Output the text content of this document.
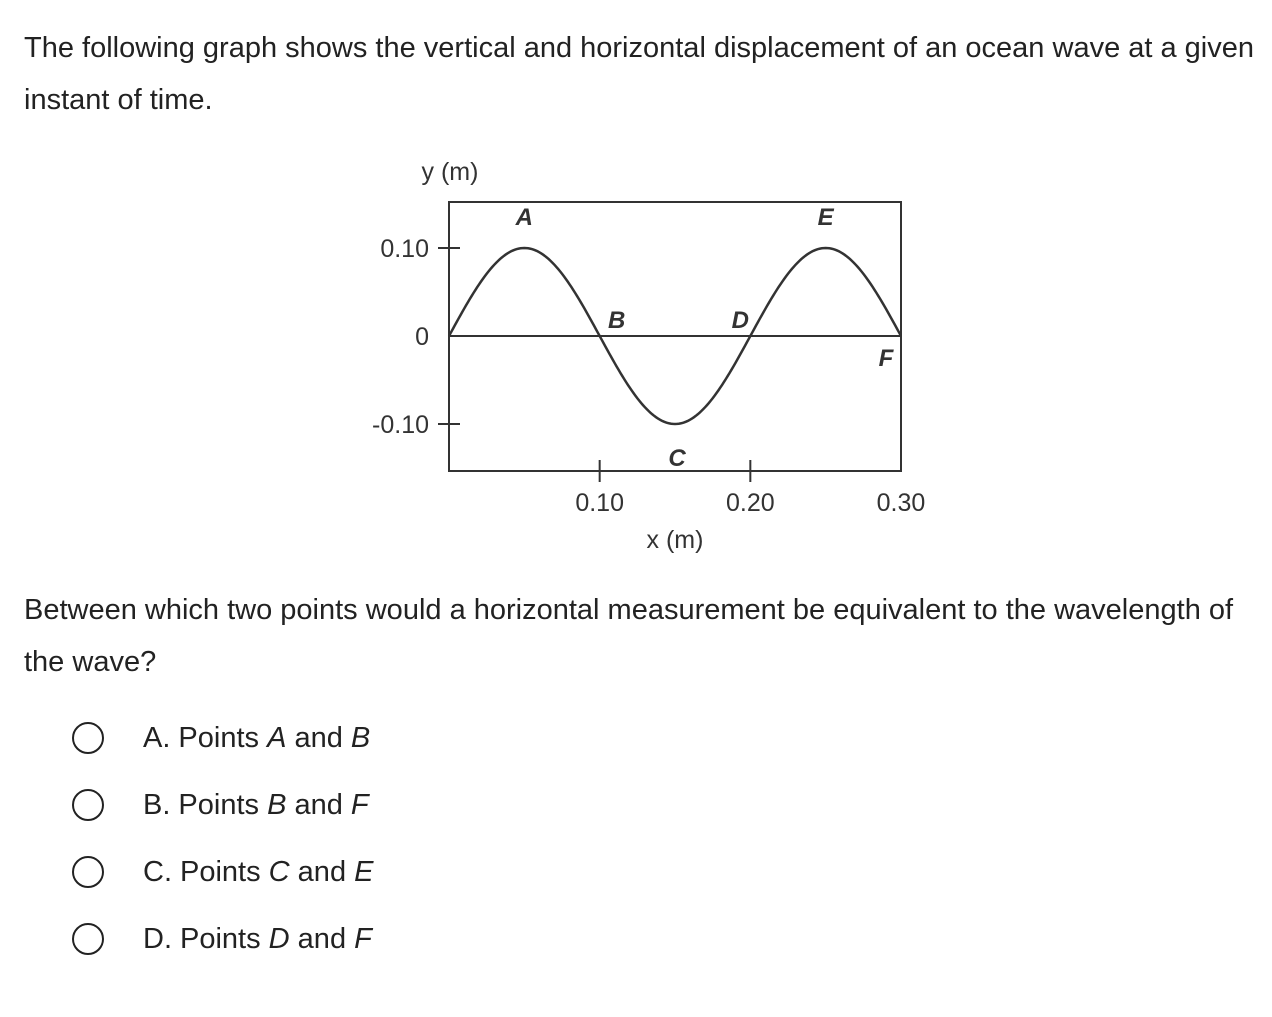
The following graph shows the vertical and horizontal displacement of an ocean wave at a given instant of time.

0.10
0
-0.10
0.10	0.20	0.30
y (m)
x (m)
A
B
C
D
E
F

Between which two points would a horizontal measurement be equivalent to the wavelength of the wave?

A. Points A and B
B. Points B and F
C. Points C and E
D. Points D and F
